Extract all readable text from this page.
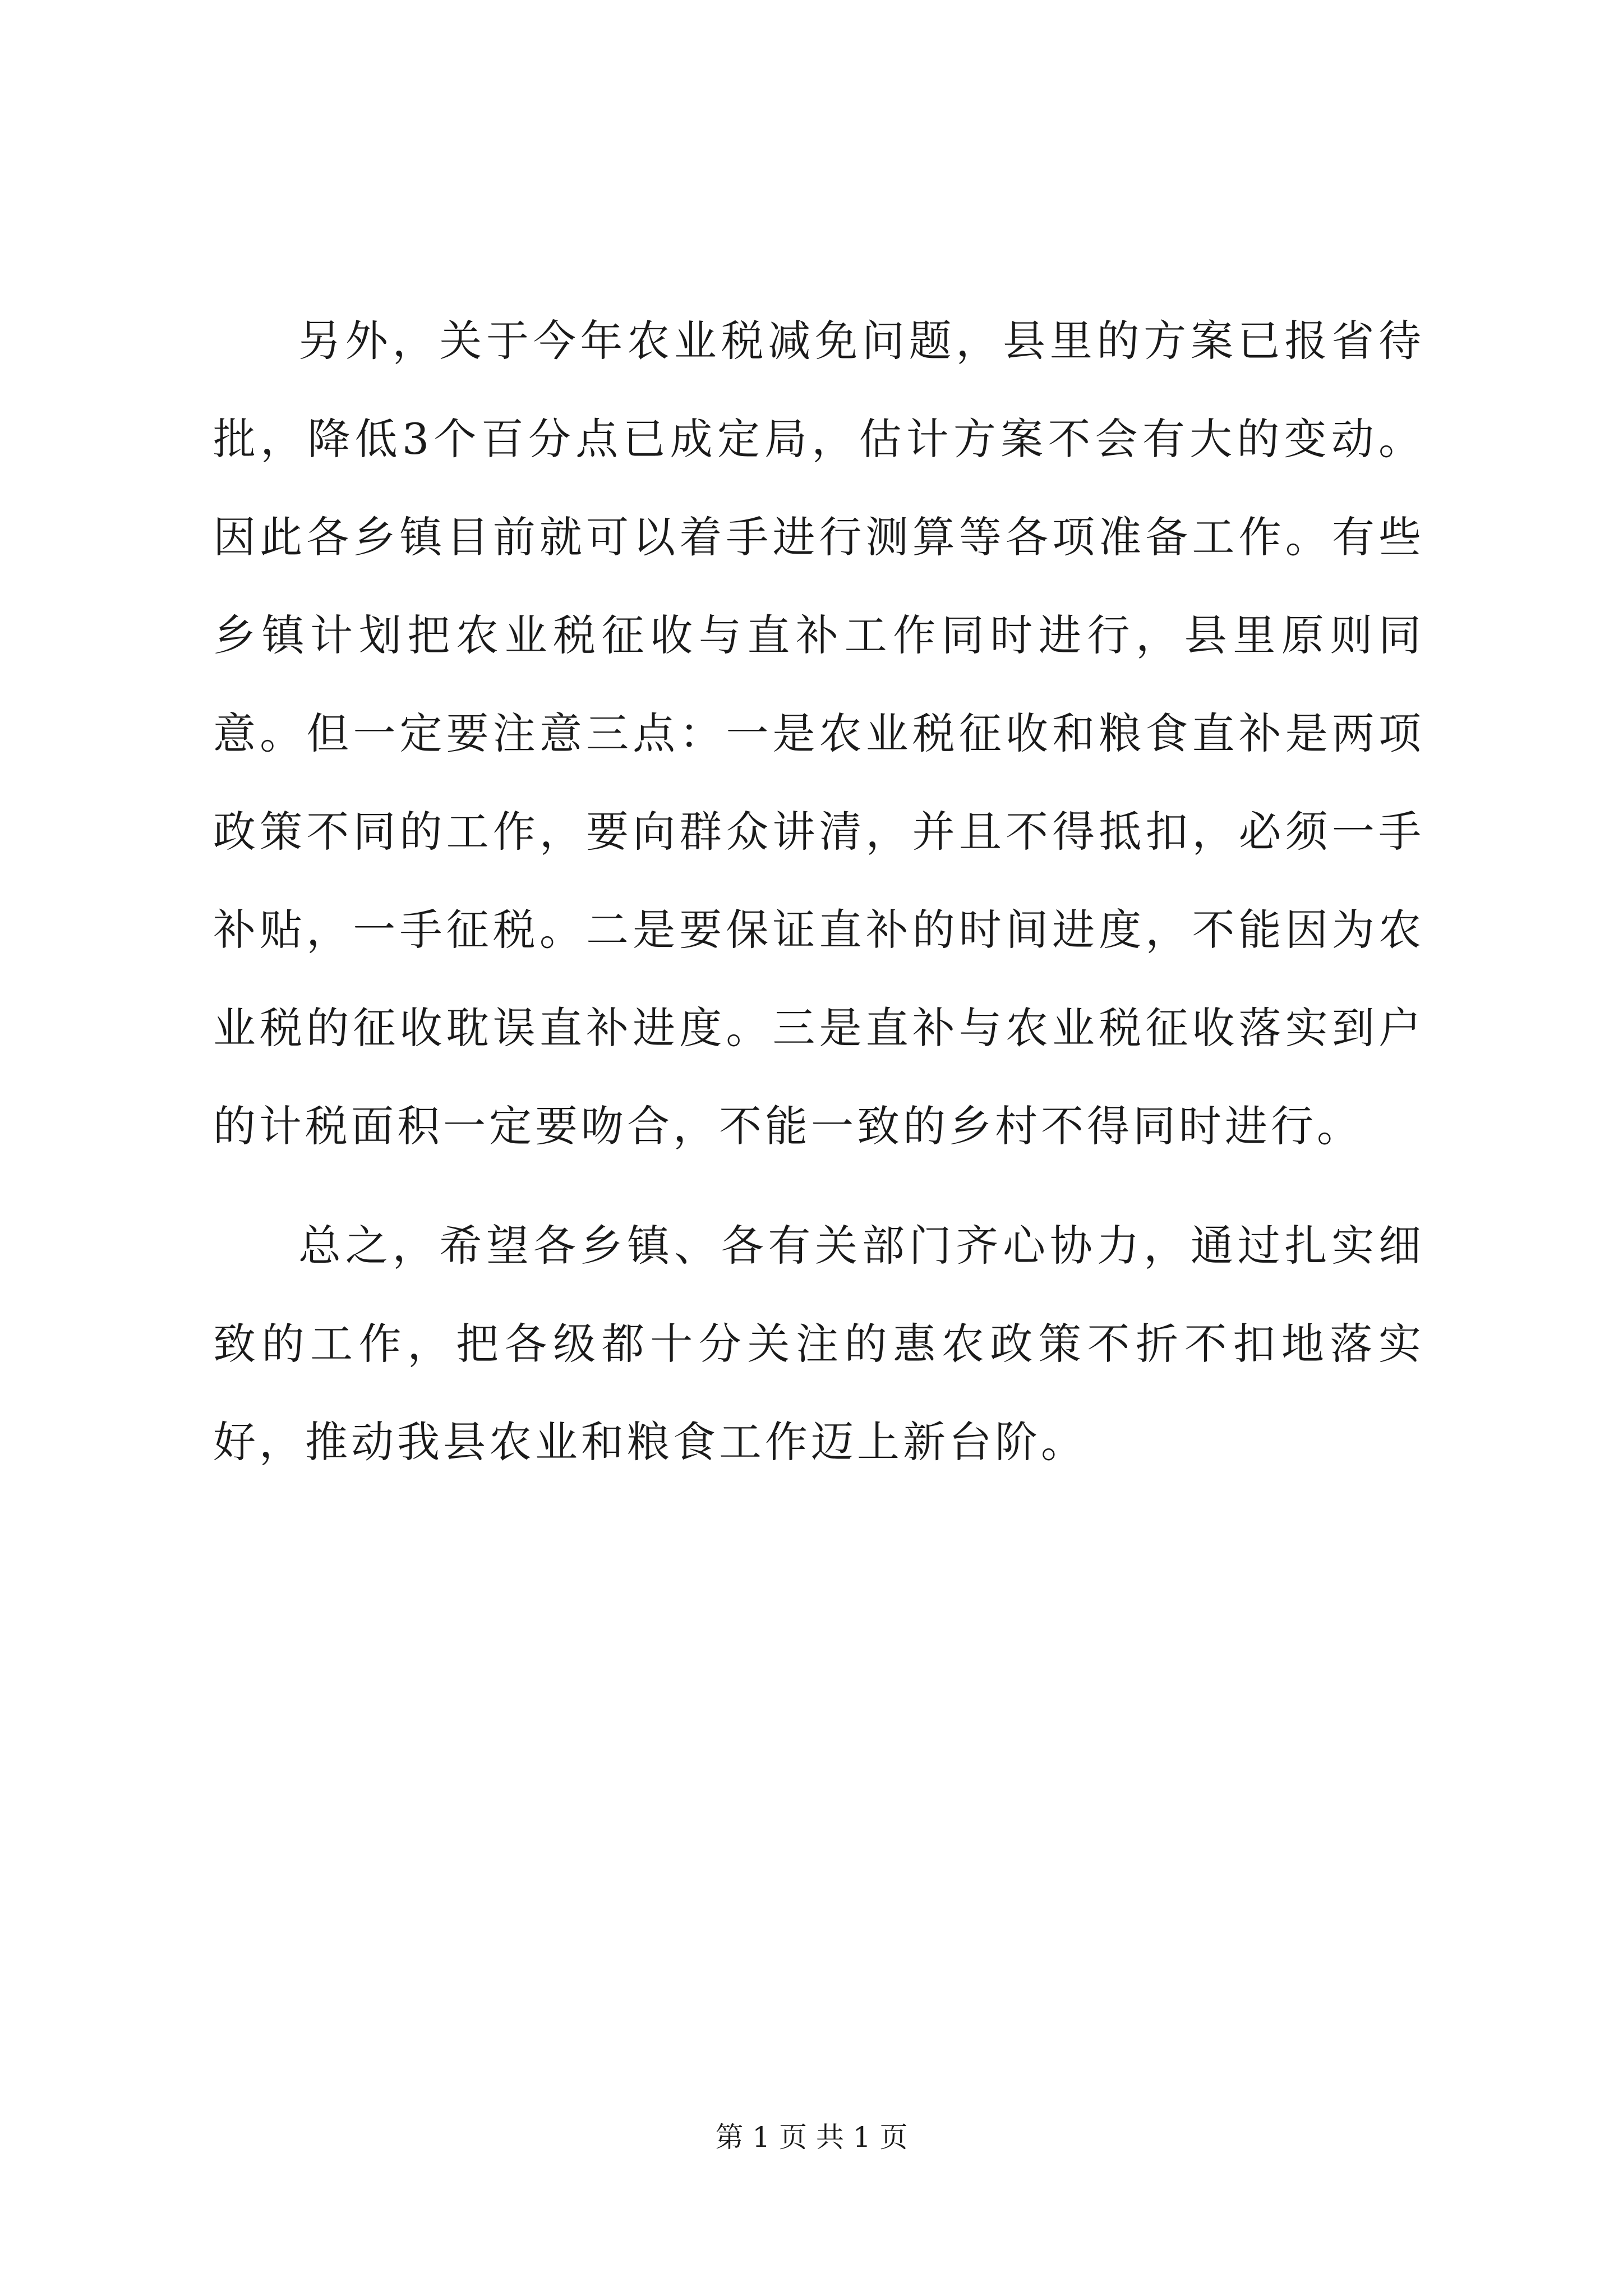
另外，关于今年农业税减免问题，县里的方案已报省待批，降低3个百分点已成定局，估计方案不会有大的变动。因此各乡镇目前就可以着手进行测算等各项准备工作。有些乡镇计划把农业税征收与直补工作同时进行，县里原则同意。但一定要注意三点：一是农业税征收和粮食直补是两项政策不同的工作，要向群众讲清，并且不得抵扣，必须一手补贴，一手征税。二是要保证直补的时间进度，不能因为农业税的征收耽误直补进度。三是直补与农业税征收落实到户的计税面积一定要吻合，不能一致的乡村不得同时进行。

总之，希望各乡镇、各有关部门齐心协力，通过扎实细致的工作，把各级都十分关注的惠农政策不折不扣地落实好，推动我县农业和粮食工作迈上新台阶。

第 1 页 共 1 页
